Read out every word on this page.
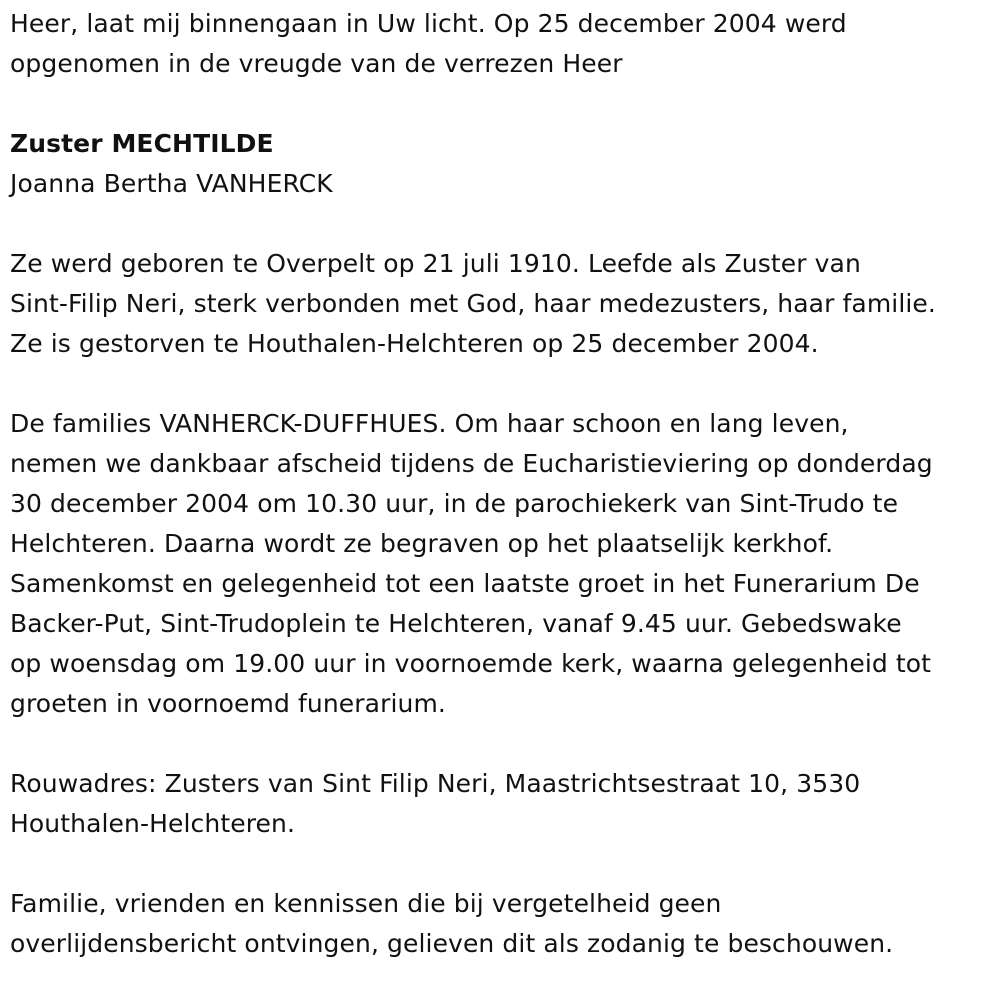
Heer, laat mij binnengaan in Uw licht. Op 25 december 2004 werd
opgenomen in de vreugde van de verrezen Heer

Zuster MECHTILDE

Joanna Bertha VANHERCK

Ze werd geboren te Overpelt op 21 juli 1910. Leefde als Zuster van
Sint-Filip Neri, sterk verbonden met God, haar medezusters, haar familie.
Ze is gestorven te Houthalen-Helchteren op 25 december 2004.

De families VANHERCK-DUFFHUES. Om haar schoon en lang leven,
nemen we dankbaar afscheid tijdens de Eucharistieviering op donderdag
30 december 2004 om 10.30 uur, in de parochiekerk van Sint-Trudo te
Helchteren. Daarna wordt ze begraven op het plaatselijk kerkhof.
Samenkomst en gelegenheid tot een laatste groet in het Funerarium De
Backer-Put, Sint-Trudoplein te Helchteren, vanaf 9.45 uur. Gebedswake
op woensdag om 19.00 uur in voornoemde kerk, waarna gelegenheid tot
groeten in voornoemd funerarium.

Rouwadres: Zusters van Sint Filip Neri, Maastrichtsestraat 10, 3530
Houthalen-Helchteren.

Familie, vrienden en kennissen die bij vergetelheid geen
overlijdensbericht ontvingen, gelieven dit als zodanig te beschouwen.
